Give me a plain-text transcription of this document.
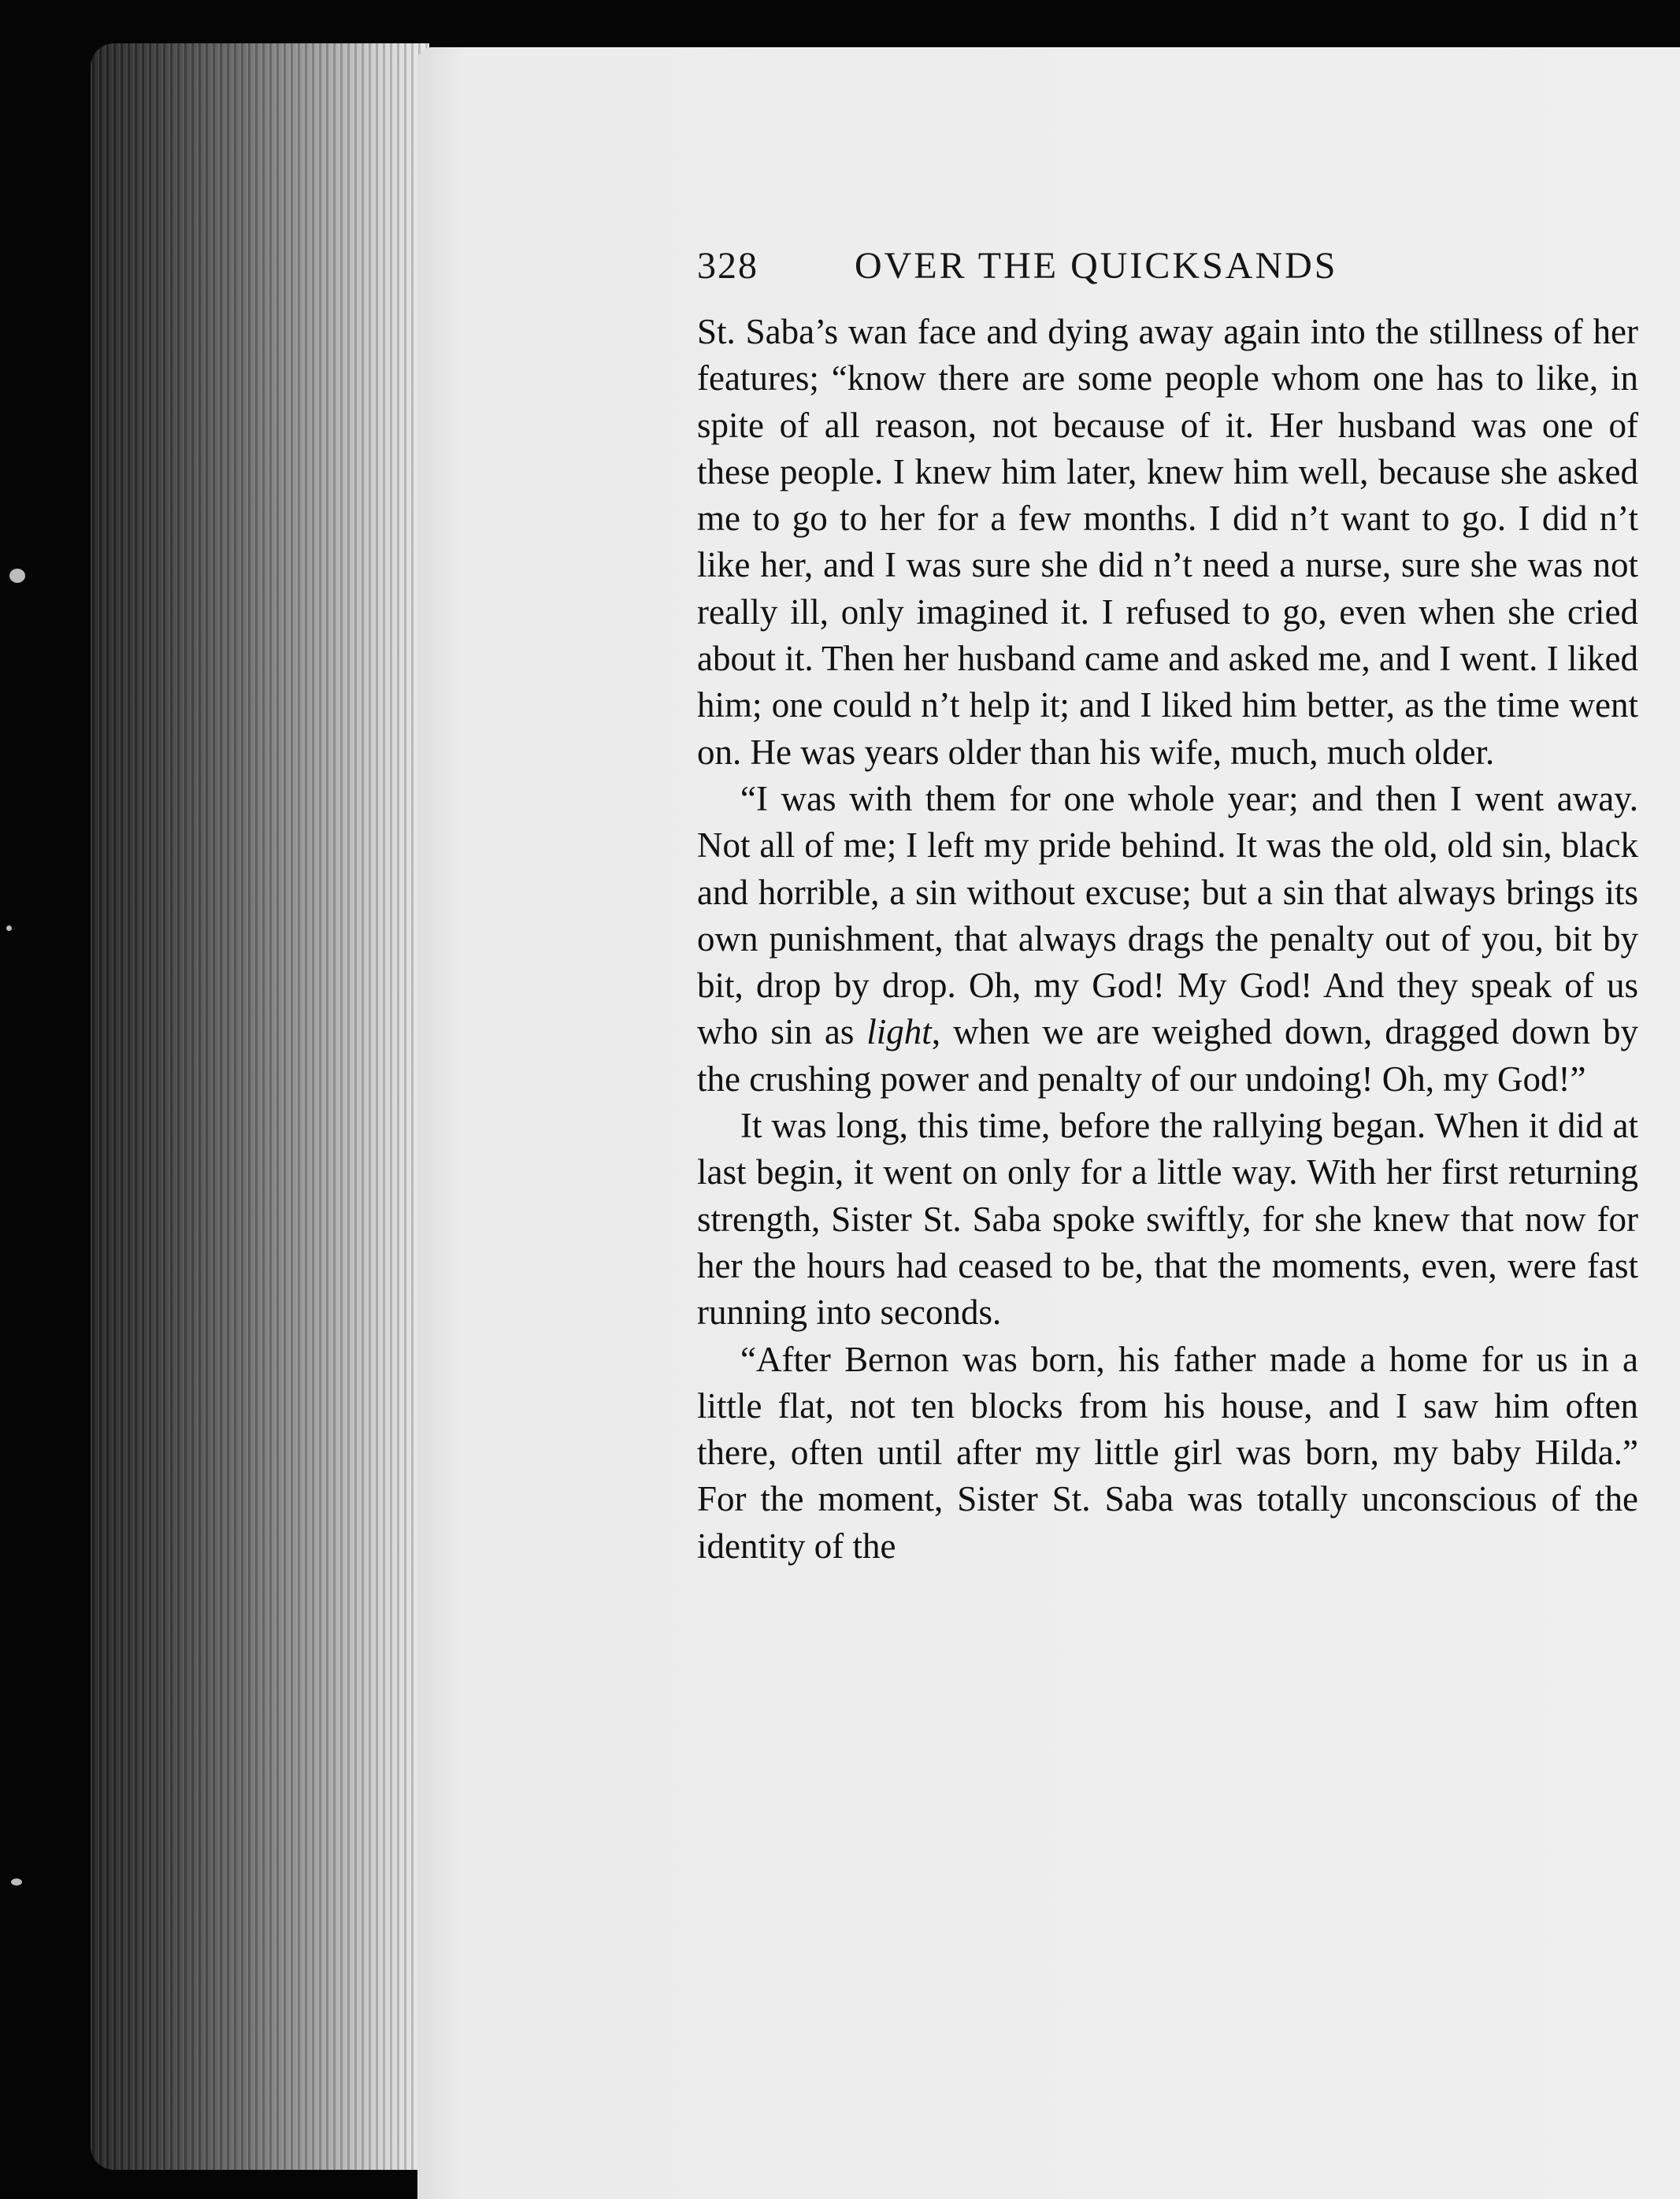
328	OVER THE QUICKSANDS

St. Saba’s wan face and dying away again into the stillness of her features; “know there are some people whom one has to like, in spite of all reason, not because of it. Her husband was one of these people. I knew him later, knew him well, because she asked me to go to her for a few months. I did n’t want to go. I did n’t like her, and I was sure she did n’t need a nurse, sure she was not really ill, only imagined it. I refused to go, even when she cried about it. Then her husband came and asked me, and I went. I liked him; one could n’t help it; and I liked him better, as the time went on. He was years older than his wife, much, much older.

“I was with them for one whole year; and then I went away. Not all of me; I left my pride behind. It was the old, old sin, black and horrible, a sin without excuse; but a sin that always brings its own punishment, that always drags the penalty out of you, bit by bit, drop by drop. Oh, my God! My God! And they speak of us who sin as light, when we are weighed down, dragged down by the crushing power and penalty of our undoing! Oh, my God!”

It was long, this time, before the rallying began. When it did at last begin, it went on only for a little way. With her first returning strength, Sister St. Saba spoke swiftly, for she knew that now for her the hours had ceased to be, that the moments, even, were fast running into seconds.

“After Bernon was born, his father made a home for us in a little flat, not ten blocks from his house, and I saw him often there, often until after my little girl was born, my baby Hilda.” For the moment, Sister St. Saba was totally unconscious of the identity of the
